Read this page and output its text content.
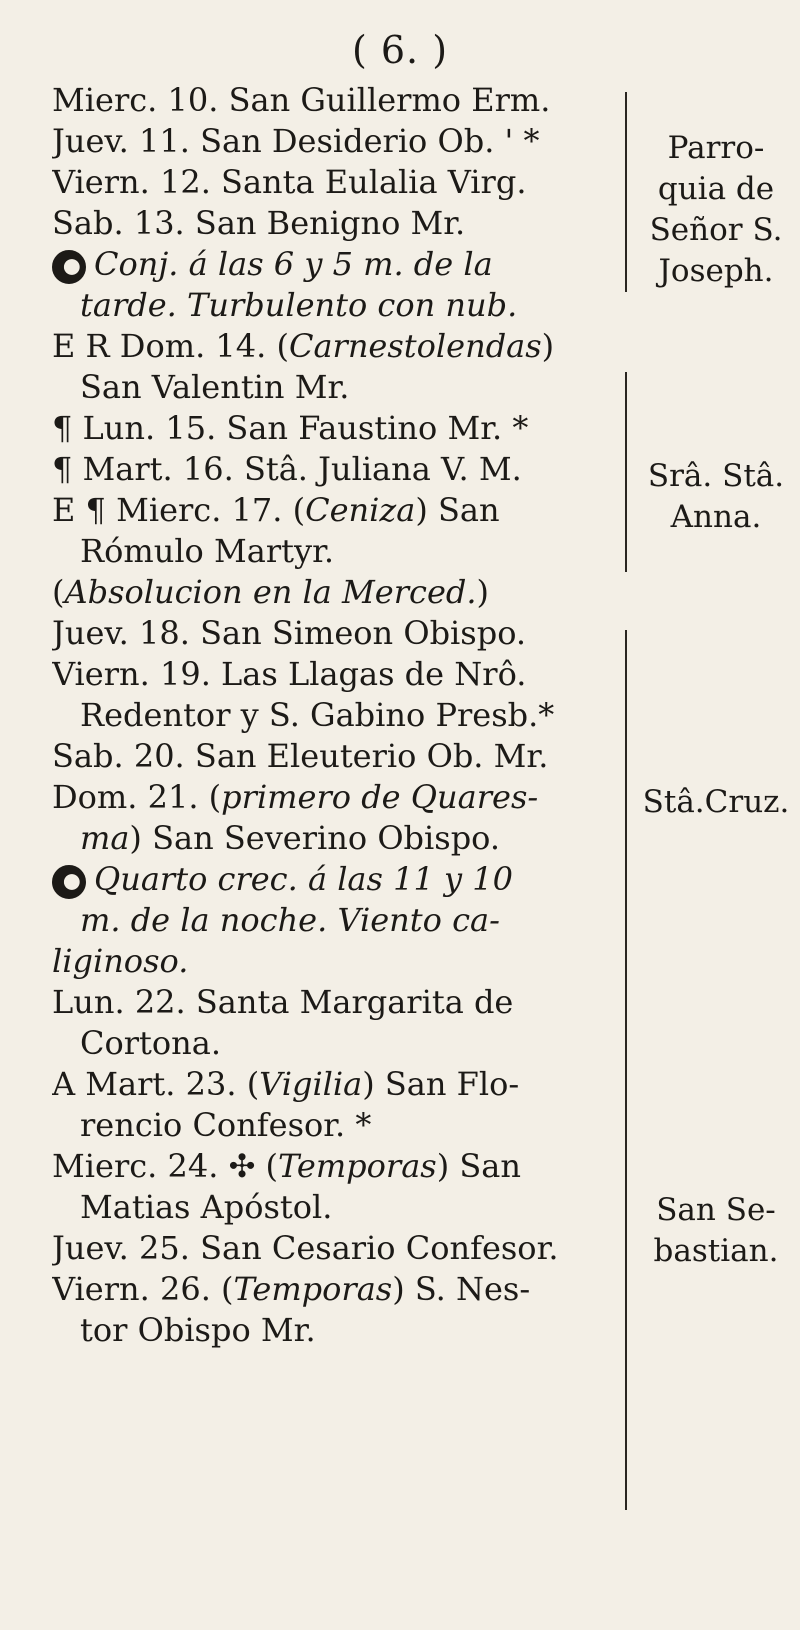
( 6. )
Mierc. 10. San Guillermo Erm.
Juev. 11. San Desiderio Ob. ' *
Viern. 12. Santa Eulalia Virg.
Sab. 13. San Benigno Mr.
Conj. á las 6 y 5 m. de la
tarde. Turbulento con nub.
E R Dom. 14. (Carnestolendas)
San Valentin Mr.
¶ Lun. 15. San Faustino Mr. *
¶ Mart. 16. Stâ. Juliana V. M.
E ¶ Mierc. 17. (Ceniza) San
Rómulo Martyr.
(Absolucion en la Merced.)
Juev. 18. San Simeon Obispo.
Viern. 19. Las Llagas de Nrô.
Redentor y S. Gabino Presb.*
Sab. 20. San Eleuterio Ob. Mr.
Dom. 21. (primero de Quares-
ma) San Severino Obispo.
Quarto crec. á las 11 y 10
m. de la noche. Viento ca-
liginoso.
Lun. 22. Santa Margarita de
Cortona.
A Mart. 23. (Vigilia) San Flo-
rencio Confesor. *
Mierc. 24. ✣ (Temporas) San
Matias Apóstol.
Juev. 25. San Cesario Confesor.
Viern. 26. (Temporas) S. Nes-
tor Obispo Mr.
Parro-
quia de
Señor S.
Joseph.
Srâ. Stâ.
Anna.
Stâ.Cruz.
San Se-
bastian.
